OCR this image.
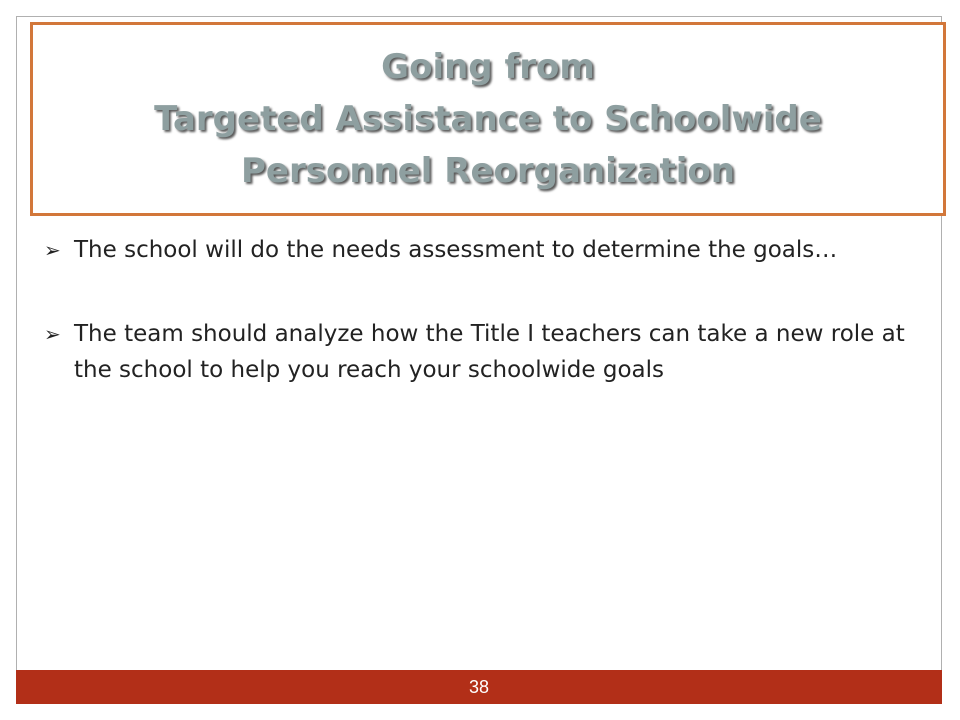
Going from
Targeted Assistance to Schoolwide
Personnel Reorganization
➢ The school will do the needs assessment to determine the goals…
➢ The team should analyze how the Title I teachers can take a new role at the school to help you reach your schoolwide goals
38
